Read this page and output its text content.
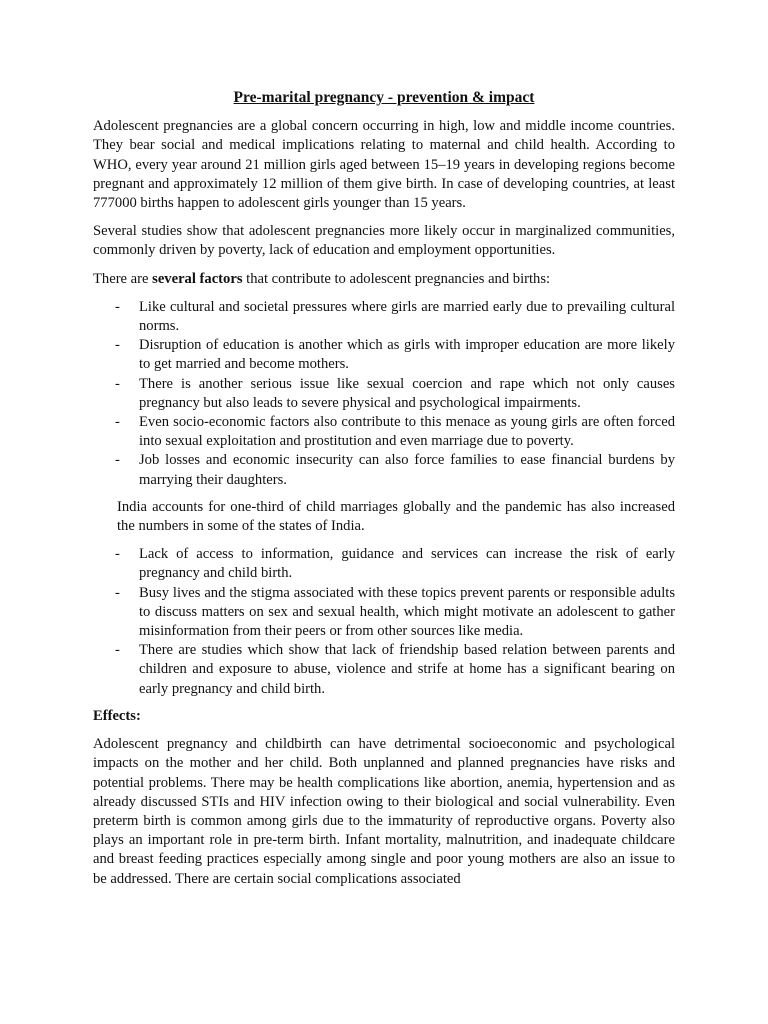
Pre-marital pregnancy - prevention & impact

Adolescent pregnancies are a global concern occurring in high, low and middle income countries. They bear social and medical implications relating to maternal and child health. According to WHO, every year around 21 million girls aged between 15–19 years in developing regions become pregnant and approximately 12 million of them give birth. In case of developing countries, at least 777000 births happen to adolescent girls younger than 15 years.

Several studies show that adolescent pregnancies more likely occur in marginalized communities, commonly driven by poverty, lack of education and employment opportunities.

There are several factors that contribute to adolescent pregnancies and births:

- Like cultural and societal pressures where girls are married early due to prevailing cultural norms.
- Disruption of education is another which as girls with improper education are more likely to get married and become mothers.
- There is another serious issue like sexual coercion and rape which not only causes pregnancy but also leads to severe physical and psychological impairments.
- Even socio-economic factors also contribute to this menace as young girls are often forced into sexual exploitation and prostitution and even marriage due to poverty.
- Job losses and economic insecurity can also force families to ease financial burdens by marrying their daughters.

India accounts for one-third of child marriages globally and the pandemic has also increased the numbers in some of the states of India.

- Lack of access to information, guidance and services can increase the risk of early pregnancy and child birth.
- Busy lives and the stigma associated with these topics prevent parents or responsible adults to discuss matters on sex and sexual health, which might motivate an adolescent to gather misinformation from their peers or from other sources like media.
- There are studies which show that lack of friendship based relation between parents and children and exposure to abuse, violence and strife at home has a significant bearing on early pregnancy and child birth.

Effects:

Adolescent pregnancy and childbirth can have detrimental socioeconomic and psychological impacts on the mother and her child. Both unplanned and planned pregnancies have risks and potential problems. There may be health complications like abortion, anemia, hypertension and as already discussed STIs and HIV infection owing to their biological and social vulnerability. Even preterm birth is common among girls due to the immaturity of reproductive organs. Poverty also plays an important role in pre-term birth. Infant mortality, malnutrition, and inadequate childcare and breast feeding practices especially among single and poor young mothers are also an issue to be addressed. There are certain social complications associated
